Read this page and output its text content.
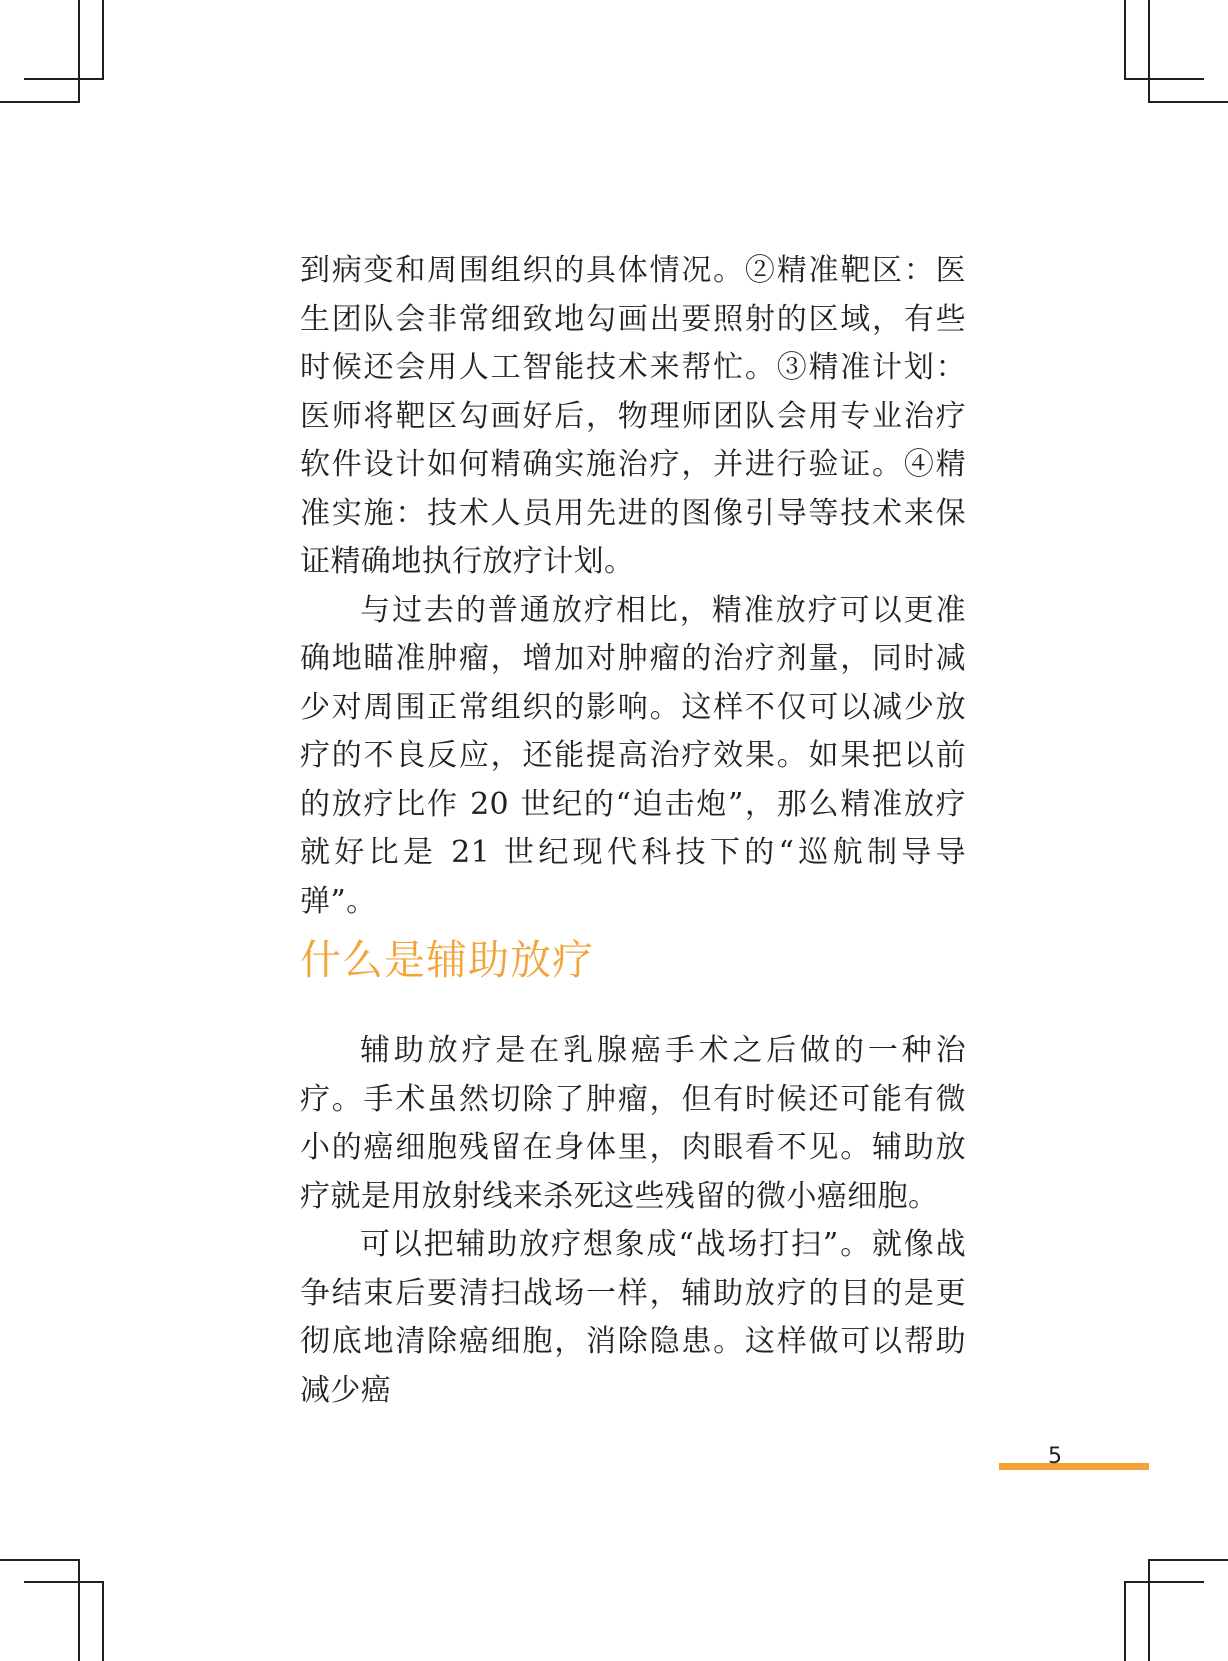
到病变和周围组织的具体情况。②精准靶区：医生团队会非常细致地勾画出要照射的区域，有些时候还会用人工智能技术来帮忙。③精准计划：医师将靶区勾画好后，物理师团队会用专业治疗软件设计如何精确实施治疗，并进行验证。④精准实施：技术人员用先进的图像引导等技术来保证精确地执行放疗计划。

与过去的普通放疗相比，精准放疗可以更准确地瞄准肿瘤，增加对肿瘤的治疗剂量，同时减少对周围正常组织的影响。这样不仅可以减少放疗的不良反应，还能提高治疗效果。如果把以前的放疗比作 20 世纪的“迫击炮”，那么精准放疗就好比是 21 世纪现代科技下的“巡航制导导弹”。

什么是辅助放疗

辅助放疗是在乳腺癌手术之后做的一种治疗。手术虽然切除了肿瘤，但有时候还可能有微小的癌细胞残留在身体里，肉眼看不见。辅助放疗就是用放射线来杀死这些残留的微小癌细胞。

可以把辅助放疗想象成“战场打扫”。就像战争结束后要清扫战场一样，辅助放疗的目的是更彻底地清除癌细胞，消除隐患。这样做可以帮助减少癌

5
